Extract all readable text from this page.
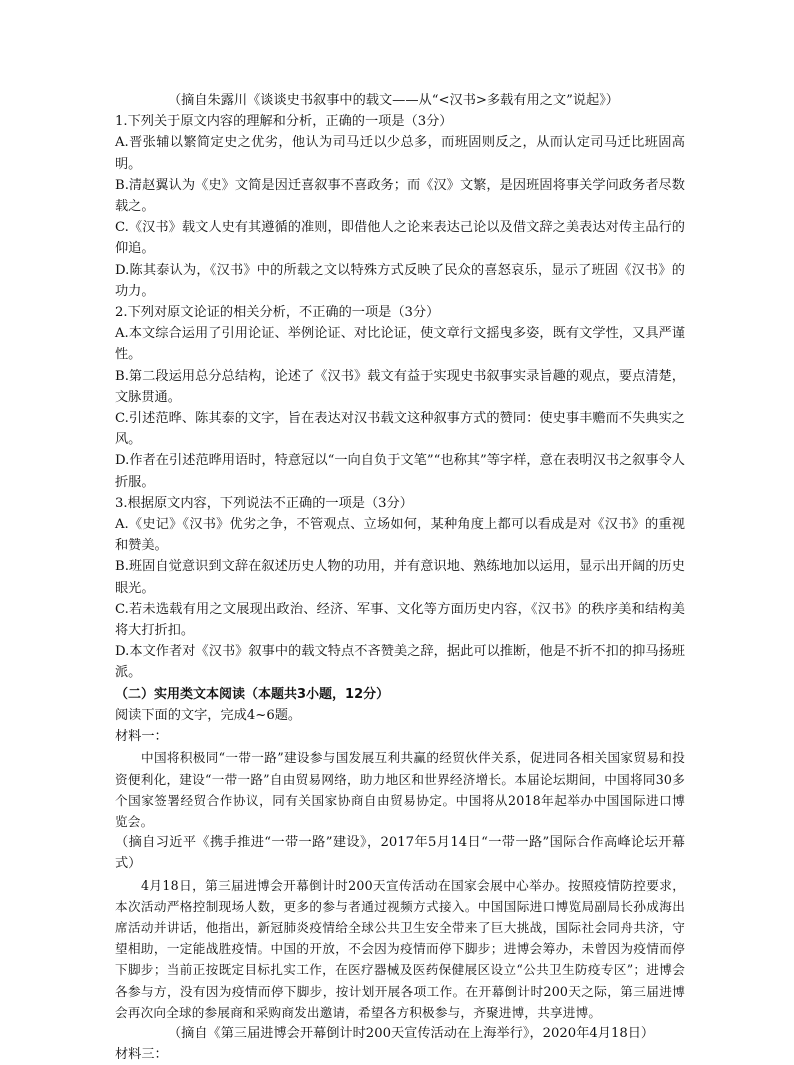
（摘自朱露川《谈谈史书叙事中的载文——从“<汉书>多载有用之文”说起》）

1.下列关于原文内容的理解和分析，正确的一项是（3分）

A.晋张辅以繁简定史之优劣，他认为司马迁以少总多，而班固则反之，从而认定司马迁比班固高明。

B.清赵翼认为《史》文简是因迁喜叙事不喜政务；而《汉》文繁，是因班固将事关学问政务者尽数载之。

C.《汉书》载文人史有其遵循的准则，即借他人之论来表达己论以及借文辞之美表达对传主品行的仰追。

D.陈其泰认为，《汉书》中的所载之文以特殊方式反映了民众的喜怒哀乐，显示了班固《汉书》的功力。

2.下列对原文论证的相关分析，不正确的一项是（3分）

A.本文综合运用了引用论证、举例论证、对比论证，使文章行文摇曳多姿，既有文学性，又具严谨性。

B.第二段运用总分总结构，论述了《汉书》载文有益于实现史书叙事实录旨趣的观点，要点清楚，文脉贯通。

C.引述范晔、陈其泰的文字，旨在表达对汉书载文这种叙事方式的赞同：使史事丰赡而不失典实之风。

D.作者在引述范晔用语时，特意冠以“一向自负于文笔”“也称其”等字样，意在表明汉书之叙事令人折服。

3.根据原文内容，下列说法不正确的一项是（3分）

A.《史记》《汉书》优劣之争，不管观点、立场如何，某种角度上都可以看成是对《汉书》的重视和赞美。

B.班固自觉意识到文辞在叙述历史人物的功用，并有意识地、熟练地加以运用，显示出开阔的历史眼光。

C.若未选载有用之文展现出政治、经济、军事、文化等方面历史内容，《汉书》的秩序美和结构美将大打折扣。

D.本文作者对《汉书》叙事中的载文特点不吝赞美之辞，据此可以推断，他是不折不扣的抑马扬班派。

（二）实用类文本阅读（本题共3小题，12分）

阅读下面的文字，完成4~6题。

材料一：

中国将积极同“一带一路”建设参与国发展互利共赢的经贸伙伴关系，促进同各相关国家贸易和投资便利化，建设“一带一路”自由贸易网络，助力地区和世界经济增长。本届论坛期间，中国将同30多个国家签署经贸合作协议，同有关国家协商自由贸易协定。中国将从2018年起举办中国国际进口博览会。

（摘自习近平《携手推进“一带一路”建设》，2017年5月14日“一带一路”国际合作高峰论坛开幕式）

4月18日，第三届进博会开幕倒计时200天宣传活动在国家会展中心举办。按照疫情防控要求，本次活动严格控制现场人数，更多的参与者通过视频方式接入。中国国际进口博览局副局长孙成海出席活动并讲话，他指出，新冠肺炎疫情给全球公共卫生安全带来了巨大挑战，国际社会同舟共济，守望相助，一定能战胜疫情。中国的开放，不会因为疫情而停下脚步；进博会筹办，未曾因为疫情而停下脚步；当前正按既定目标扎实工作，在医疗器械及医药保健展区设立“公共卫生防疫专区”；进博会各参与方，没有因为疫情而停下脚步，按计划开展各项工作。在开幕倒计时200天之际，第三届进博会再次向全球的参展商和采购商发出邀请，希望各方积极参与，齐聚进博，共享进博。

（摘自《第三届进博会开幕倒计时200天宣传活动在上海举行》，2020年4月18日）

材料三：
